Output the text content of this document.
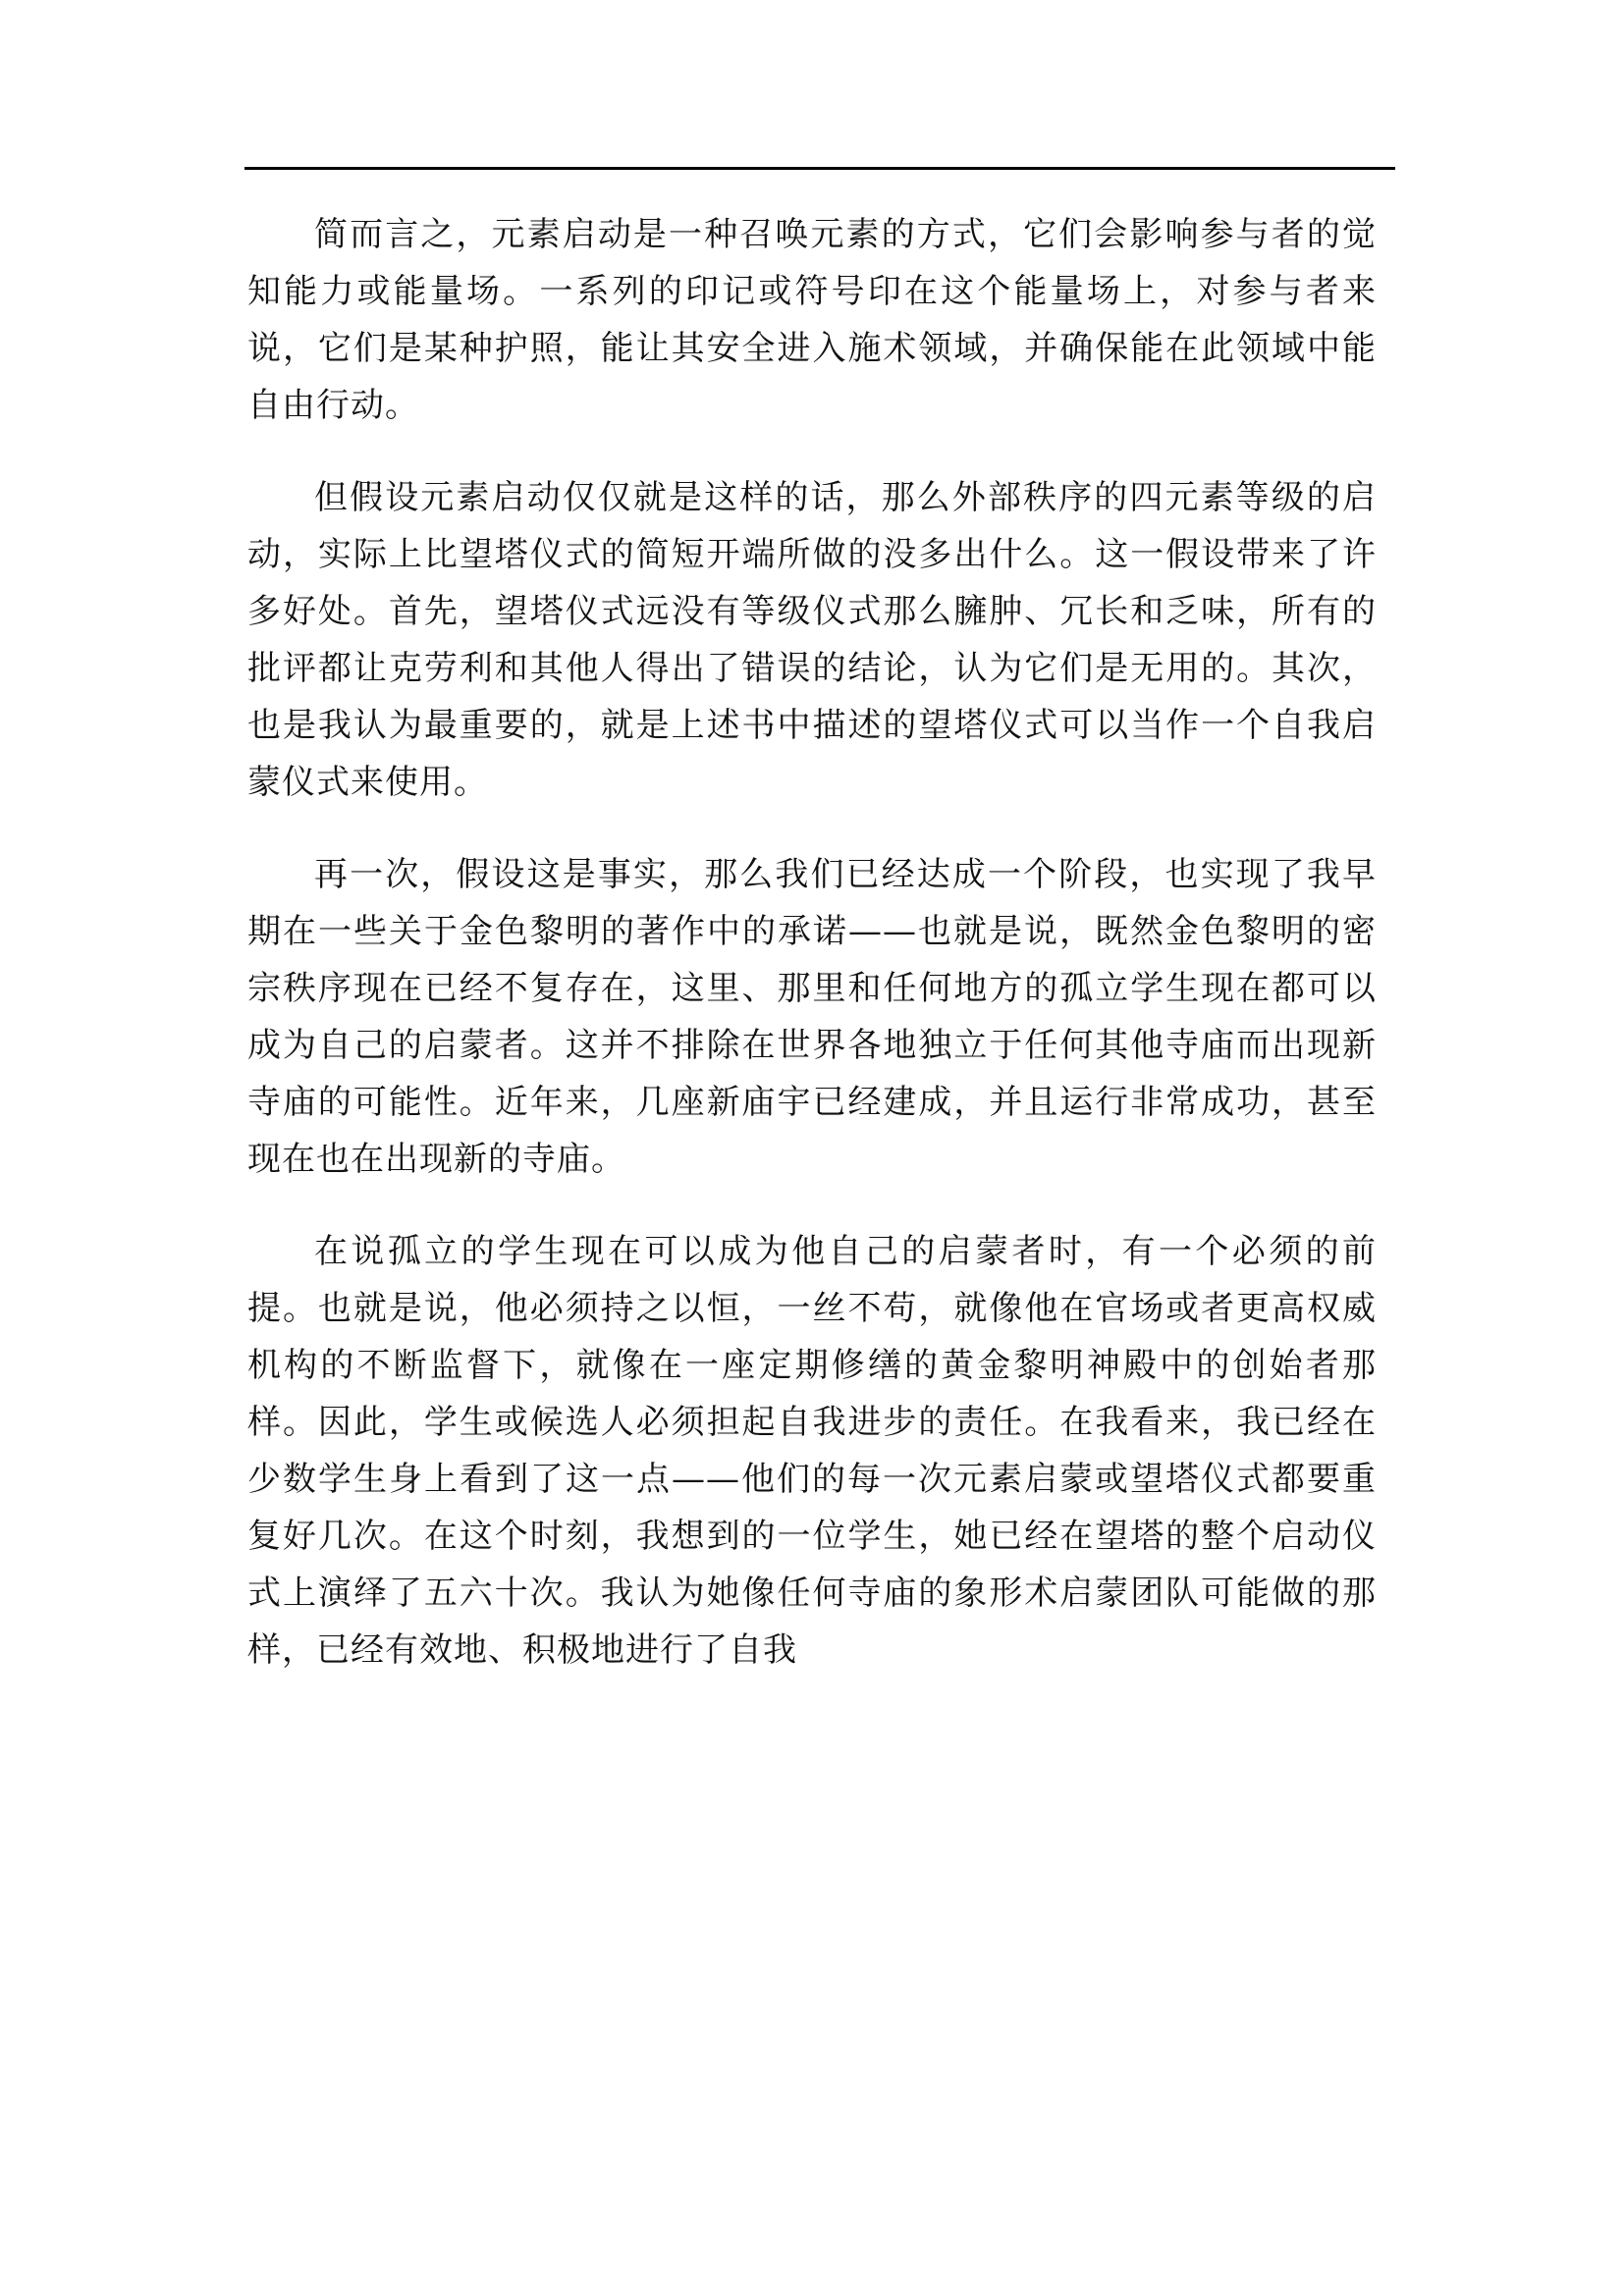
简而言之，元素启动是一种召唤元素的方式，它们会影响参与者的觉知能力或能量场。一系列的印记或符号印在这个能量场上，对参与者来说，它们是某种护照，能让其安全进入施术领域，并确保能在此领域中能自由行动。

但假设元素启动仅仅就是这样的话，那么外部秩序的四元素等级的启动，实际上比望塔仪式的简短开端所做的没多出什么。这一假设带来了许多好处。首先，望塔仪式远没有等级仪式那么臃肿、冗长和乏味，所有的批评都让克劳利和其他人得出了错误的结论，认为它们是无用的。其次，也是我认为最重要的，就是上述书中描述的望塔仪式可以当作一个自我启蒙仪式来使用。

再一次，假设这是事实，那么我们已经达成一个阶段，也实现了我早期在一些关于金色黎明的著作中的承诺——也就是说，既然金色黎明的密宗秩序现在已经不复存在，这里、那里和任何地方的孤立学生现在都可以成为自己的启蒙者。这并不排除在世界各地独立于任何其他寺庙而出现新寺庙的可能性。近年来，几座新庙宇已经建成，并且运行非常成功，甚至现在也在出现新的寺庙。

在说孤立的学生现在可以成为他自己的启蒙者时，有一个必须的前提。也就是说，他必须持之以恒，一丝不苟，就像他在官场或者更高权威机构的不断监督下，就像在一座定期修缮的黄金黎明神殿中的创始者那样。因此，学生或候选人必须担起自我进步的责任。在我看来，我已经在少数学生身上看到了这一点——他们的每一次元素启蒙或望塔仪式都要重复好几次。在这个时刻，我想到的一位学生，她已经在望塔的整个启动仪式上演绎了五六十次。我认为她像任何寺庙的象形术启蒙团队可能做的那样，已经有效地、积极地进行了自我
